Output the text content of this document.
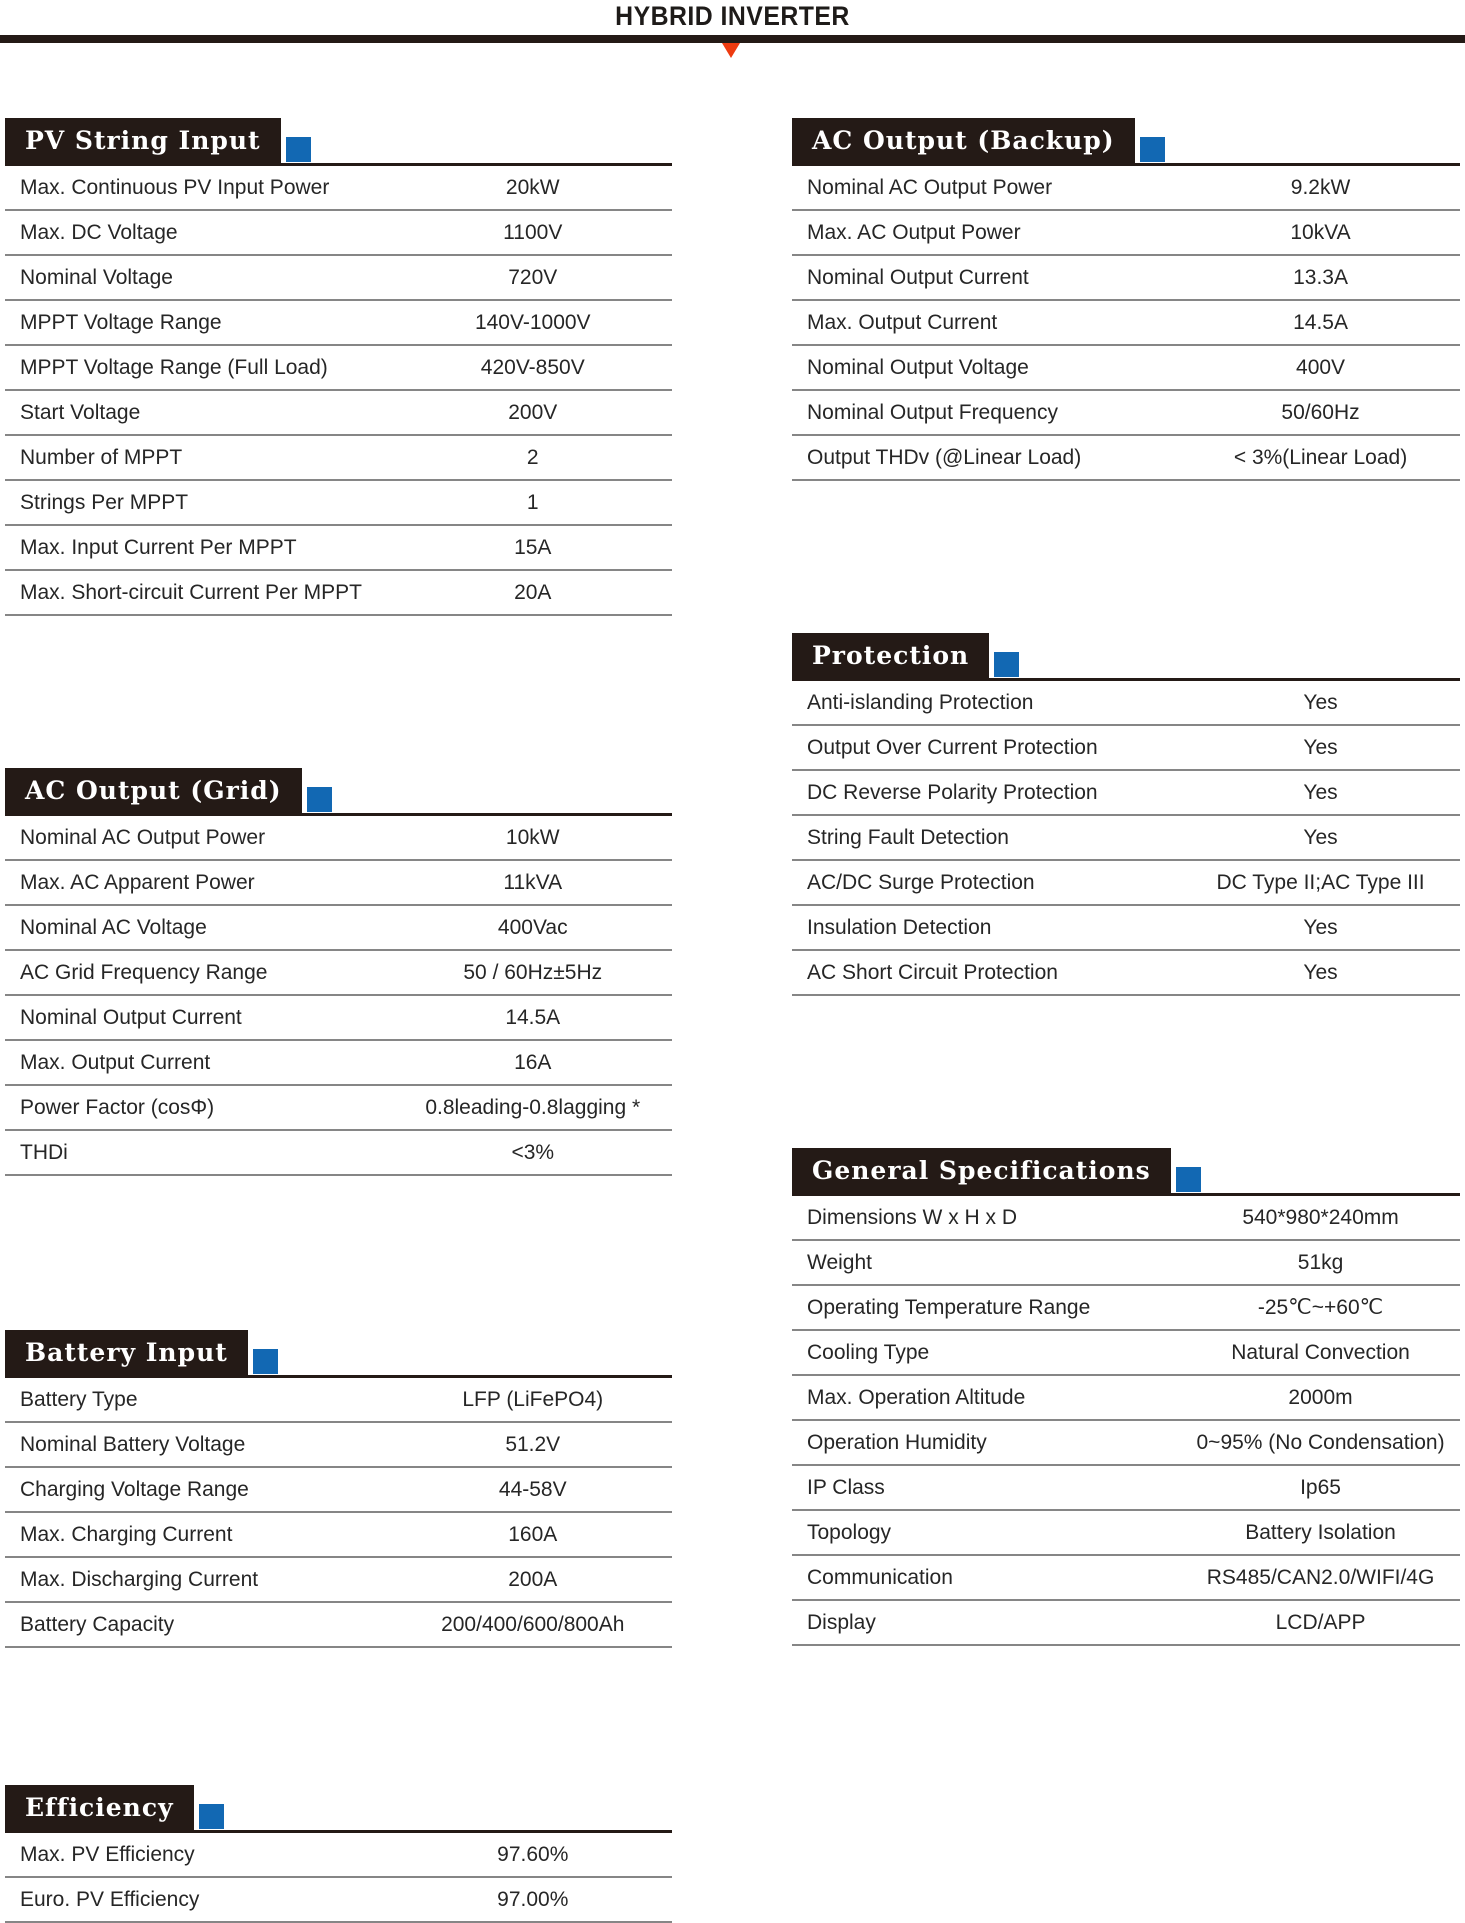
HYBRID INVERTER
PV String Input
Max. Continuous PV Input Power	20kW
Max. DC Voltage	1100V
Nominal Voltage	720V
MPPT Voltage Range	140V-1000V
MPPT Voltage Range (Full Load)	420V-850V
Start Voltage	200V
Number of MPPT	2
Strings Per MPPT	1
Max. Input Current Per MPPT	15A
Max. Short-circuit Current Per MPPT	20A
AC Output (Grid)
Nominal AC Output Power	10kW
Max. AC Apparent Power	11kVA
Nominal AC Voltage	400Vac
AC Grid Frequency Range	50 / 60Hz±5Hz
Nominal Output Current	14.5A
Max. Output Current	16A
Power Factor (cosΦ)	0.8leading-0.8lagging *
THDi	<3%
Battery Input
Battery Type	LFP (LiFePO4)
Nominal Battery Voltage	51.2V
Charging Voltage Range	44-58V
Max. Charging Current	160A
Max. Discharging Current	200A
Battery Capacity	200/400/600/800Ah
Efficiency
Max. PV Efficiency	97.60%
Euro. PV Efficiency	97.00%
AC Output (Backup)
Nominal AC Output Power	9.2kW
Max. AC Output Power	10kVA
Nominal Output Current	13.3A
Max. Output Current	14.5A
Nominal Output Voltage	400V
Nominal Output Frequency	50/60Hz
Output THDv (@Linear Load)	< 3%(Linear Load)
Protection
Anti-islanding Protection	Yes
Output Over Current Protection	Yes
DC Reverse Polarity Protection	Yes
String Fault Detection	Yes
AC/DC Surge Protection	DC Type II;AC Type III
Insulation Detection	Yes
AC Short Circuit Protection	Yes
General Specifications
Dimensions W x H x D	540*980*240mm
Weight	51kg
Operating Temperature Range	-25℃~+60℃
Cooling Type	Natural Convection
Max. Operation Altitude	2000m
Operation Humidity	0~95% (No Condensation)
IP Class	Ip65
Topology	Battery Isolation
Communication	RS485/CAN2.0/WIFI/4G
Display	LCD/APP
